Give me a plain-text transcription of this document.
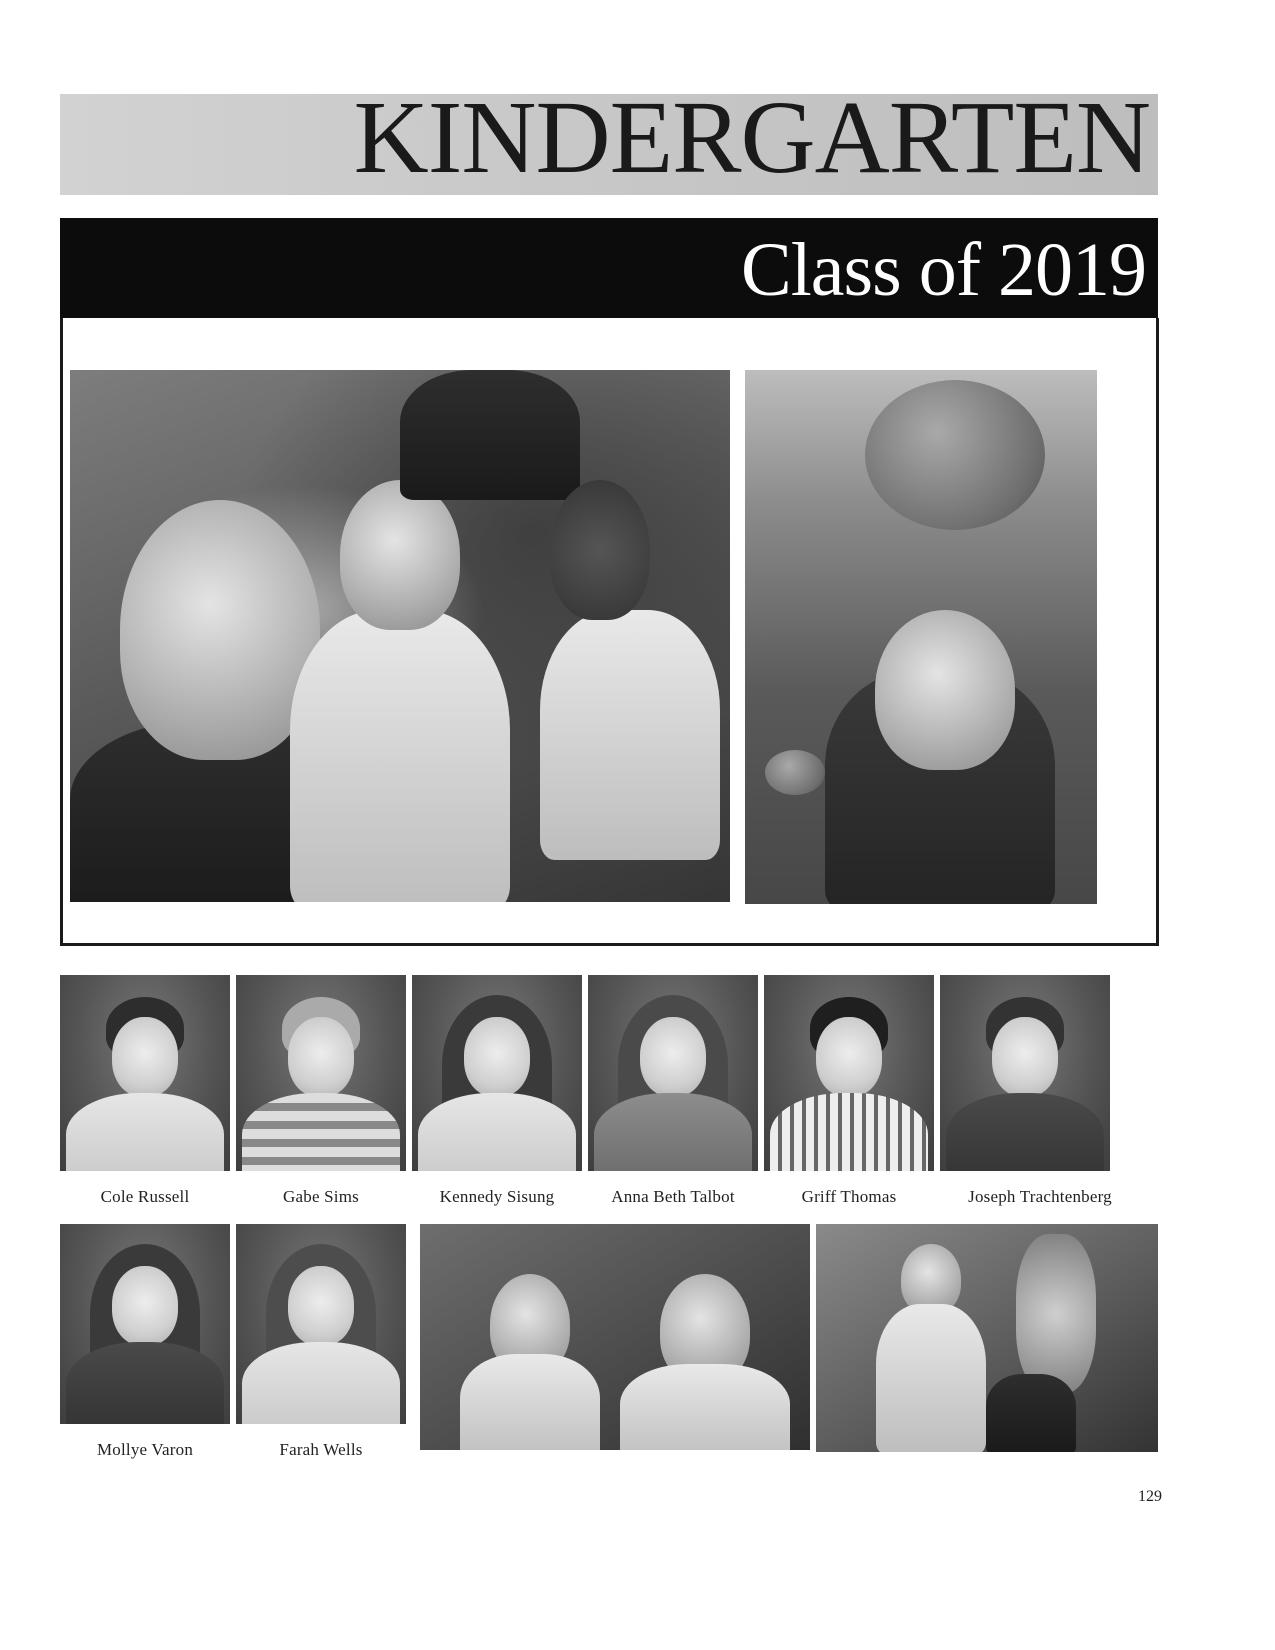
KINDERGARTEN
Class of 2019
Cole Russell	Gabe Sims	Kennedy Sisung	Anna Beth Talbot	Griff Thomas	Joseph Trachtenberg
Mollye Varon	Farah Wells
129
